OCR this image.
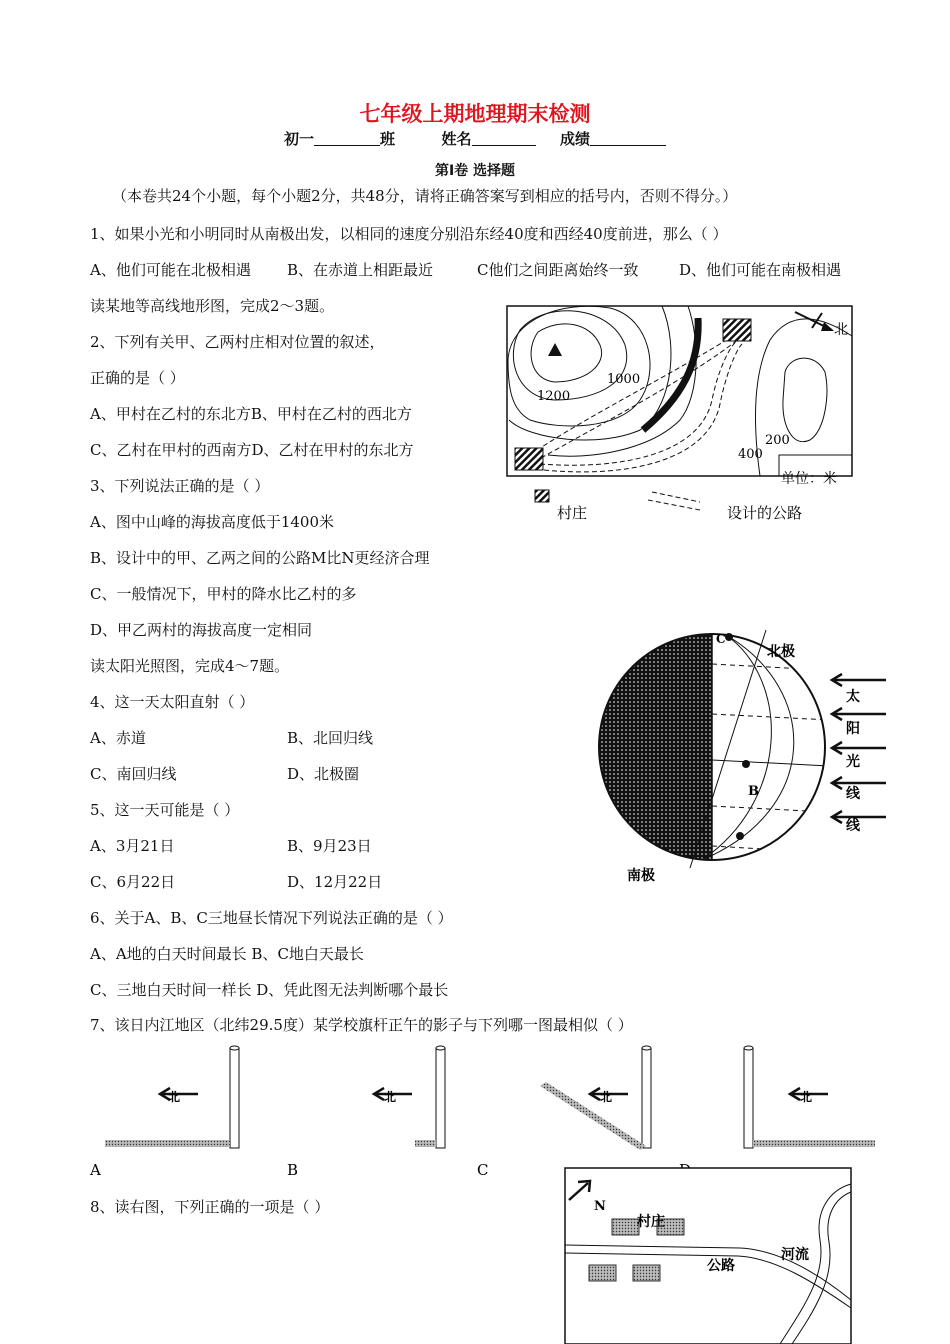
七年级上期地理期末检测
初一	班	姓名	成绩
第Ⅰ卷 选择题
（本卷共24个小题，每个小题2分，共48分，请将正确答案写到相应的括号内，否则不得分。）
1、如果小光和小明同时从南极出发，以相同的速度分别沿东经40度和西经40度前进，那么（ ）
A、他们可能在北极相遇 B、在赤道上相距最近	C他们之间距离始终一致	D、他们可能在南极相遇
读某地等高线地形图，完成2～3题。
2、下列有关甲、乙两村庄相对位置的叙述，
正确的是（ ）
A、甲村在乙村的东北方B、甲村在乙村的西北方
C、乙村在甲村的西南方D、乙村在甲村的东北方
3、下列说法正确的是（ ）
A、图中山峰的海拔高度低于1400米
B、设计中的甲、乙两之间的公路M比N更经济合理
C、一般情况下，甲村的降水比乙村的多
D、甲乙两村的海拔高度一定相同
北
1200
1000
400
200
单位：米
村庄	设计的公路
C
B
北极
南极
太
阳
光
线
线
北	北	北	北
A	B	C
N
村庄
公路
河流
读太阳光照图，完成4～7题。
4、这一天太阳直射（ ）
A、赤道	B、北回归线
C、南回归线	D、北极圈
5、这一天可能是（ ）
A、3月21日	B、9月23日
C、6月22日	D、12月22日
6、关于A、B、C三地昼长情况下列说法正确的是（ ）
A、A地的白天时间最长 B、C地白天最长
C、三地白天时间一样长 D、凭此图无法判断哪个最长
7、该日内江地区（北纬29.5度）某学校旗杆正午的影子与下列哪一图最相似（ ）
8、读右图，下列正确的一项是（ ）
